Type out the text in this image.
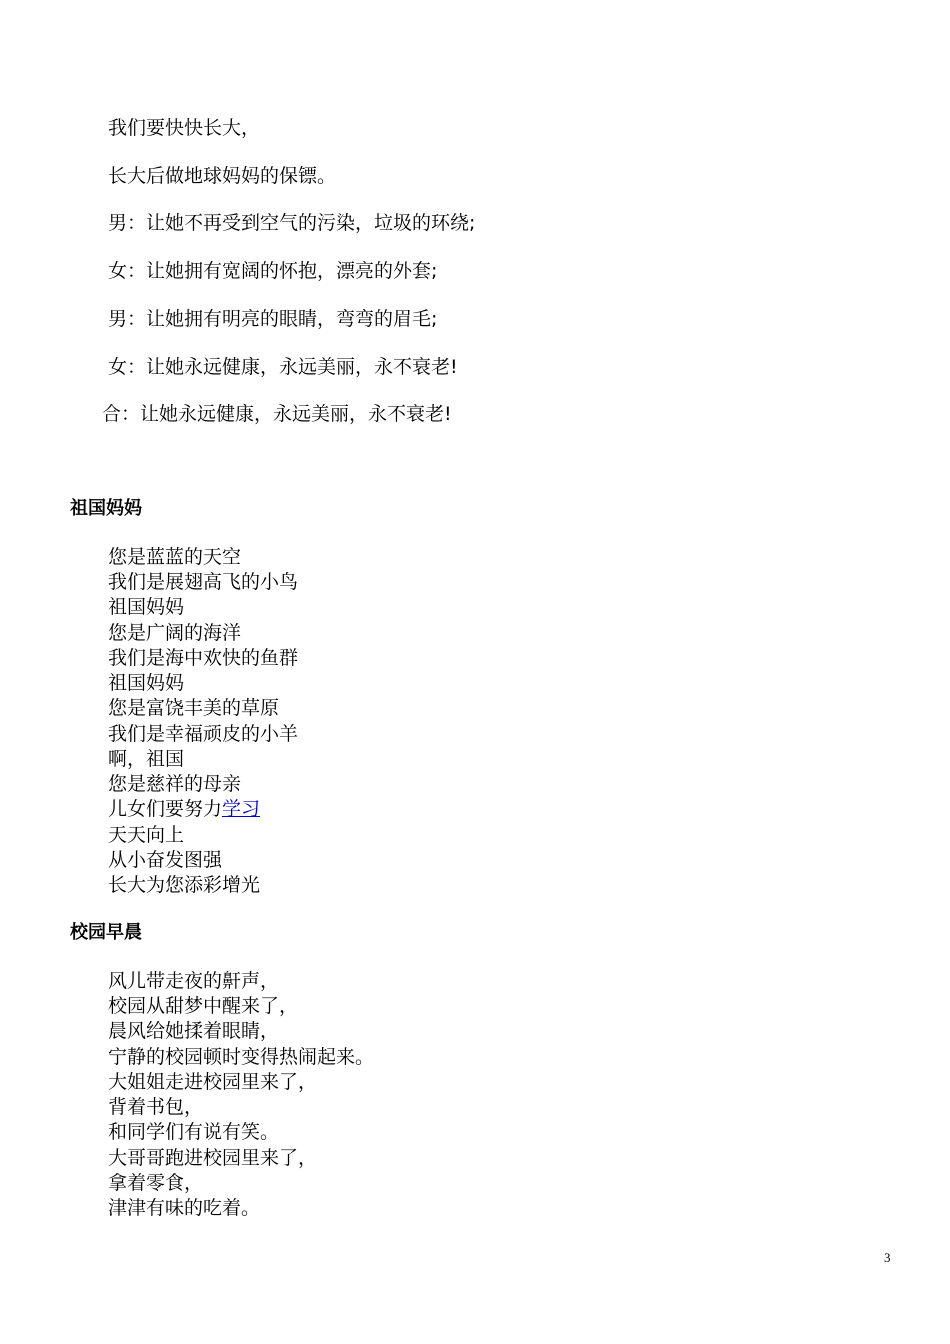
我们要快快长大，
长大后做地球妈妈的保镖。
男：让她不再受到空气的污染，垃圾的环绕;
女：让她拥有宽阔的怀抱，漂亮的外套;
男：让她拥有明亮的眼睛，弯弯的眉毛;
女：让她永远健康，永远美丽，永不衰老!
合：让她永远健康，永远美丽，永不衰老!
祖国妈妈
您是蓝蓝的天空
我们是展翅高飞的小鸟
祖国妈妈
您是广阔的海洋
我们是海中欢快的鱼群
祖国妈妈
您是富饶丰美的草原
我们是幸福顽皮的小羊
啊，祖国
您是慈祥的母亲
儿女们要努力学习
天天向上
从小奋发图强
长大为您添彩增光
校园早晨
风儿带走夜的鼾声，
校园从甜梦中醒来了，
晨风给她揉着眼睛，
宁静的校园顿时变得热闹起来。
大姐姐走进校园里来了，
背着书包，
和同学们有说有笑。
大哥哥跑进校园里来了，
拿着零食，
津津有味的吃着。
3
